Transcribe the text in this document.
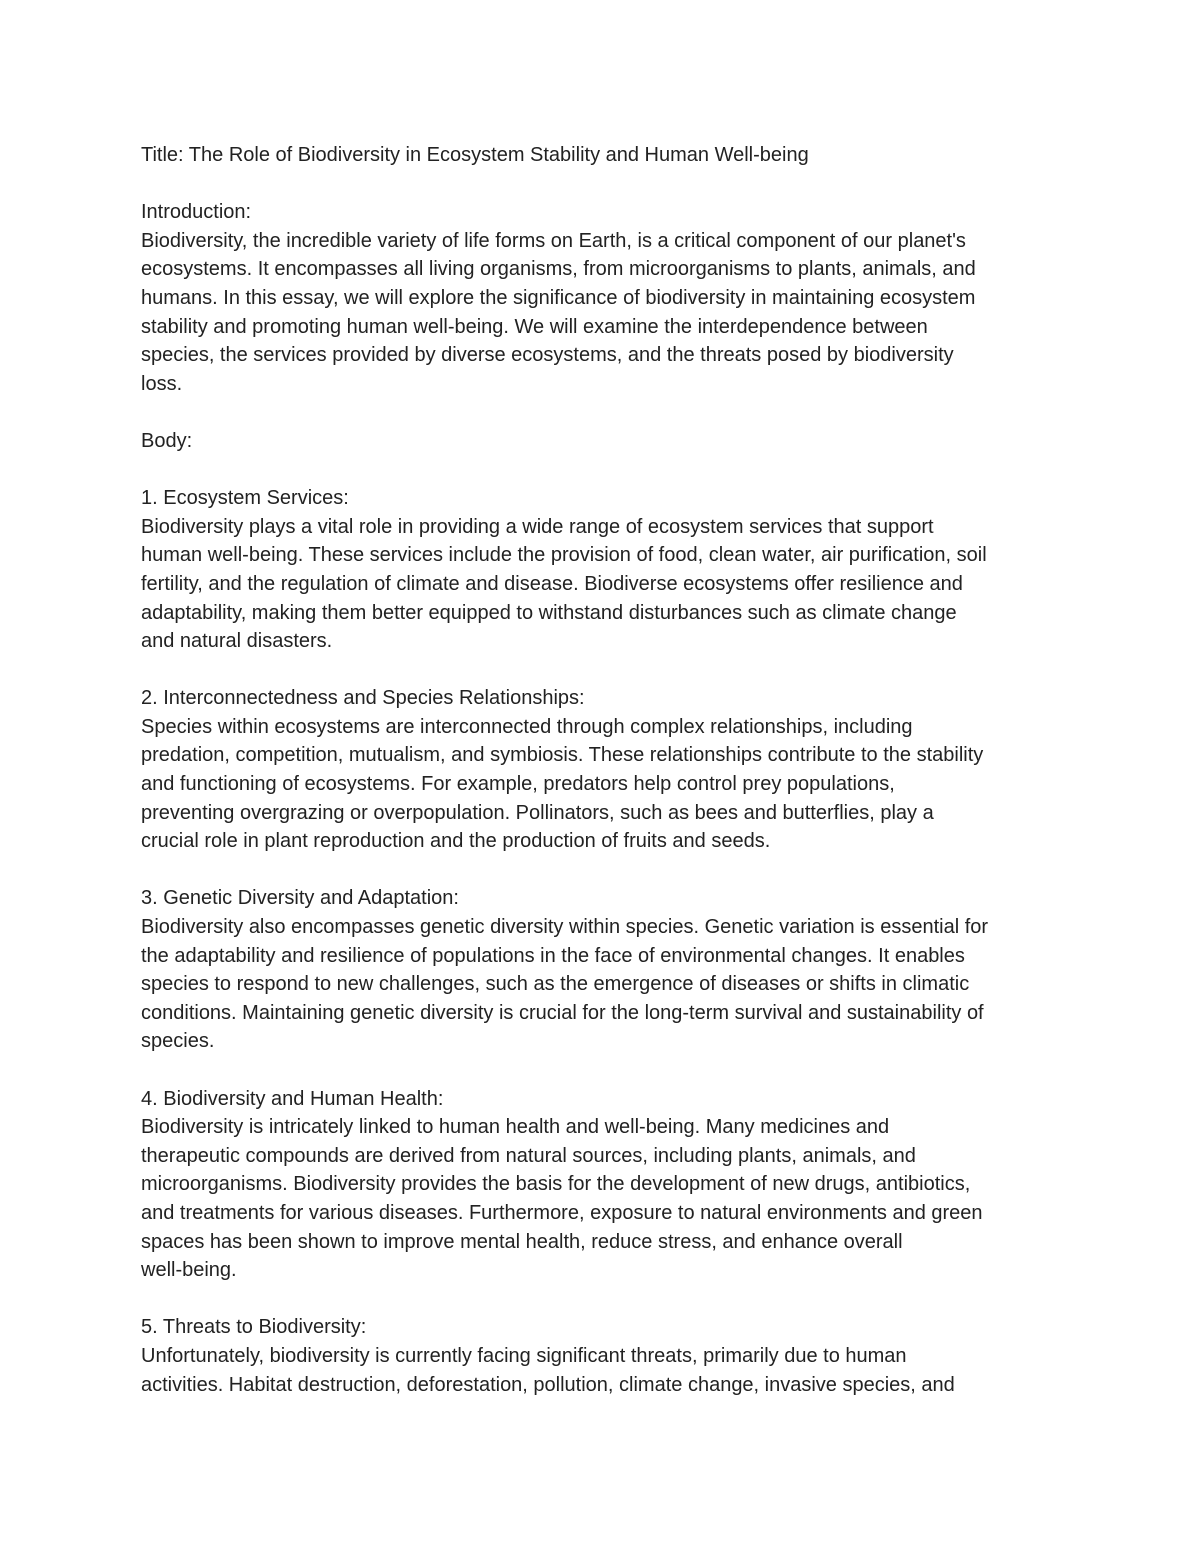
Title: The Role of Biodiversity in Ecosystem Stability and Human Well-being

Introduction:

Biodiversity, the incredible variety of life forms on Earth, is a critical component of our planet's
ecosystems. It encompasses all living organisms, from microorganisms to plants, animals, and
humans. In this essay, we will explore the significance of biodiversity in maintaining ecosystem
stability and promoting human well-being. We will examine the interdependence between
species, the services provided by diverse ecosystems, and the threats posed by biodiversity
loss.

Body:

1. Ecosystem Services:

Biodiversity plays a vital role in providing a wide range of ecosystem services that support
human well-being. These services include the provision of food, clean water, air purification, soil
fertility, and the regulation of climate and disease. Biodiverse ecosystems offer resilience and
adaptability, making them better equipped to withstand disturbances such as climate change
and natural disasters.

2. Interconnectedness and Species Relationships:

Species within ecosystems are interconnected through complex relationships, including
predation, competition, mutualism, and symbiosis. These relationships contribute to the stability
and functioning of ecosystems. For example, predators help control prey populations,
preventing overgrazing or overpopulation. Pollinators, such as bees and butterflies, play a
crucial role in plant reproduction and the production of fruits and seeds.

3. Genetic Diversity and Adaptation:

Biodiversity also encompasses genetic diversity within species. Genetic variation is essential for
the adaptability and resilience of populations in the face of environmental changes. It enables
species to respond to new challenges, such as the emergence of diseases or shifts in climatic
conditions. Maintaining genetic diversity is crucial for the long-term survival and sustainability of
species.

4. Biodiversity and Human Health:

Biodiversity is intricately linked to human health and well-being. Many medicines and
therapeutic compounds are derived from natural sources, including plants, animals, and
microorganisms. Biodiversity provides the basis for the development of new drugs, antibiotics,
and treatments for various diseases. Furthermore, exposure to natural environments and green
spaces has been shown to improve mental health, reduce stress, and enhance overall
well-being.

5. Threats to Biodiversity:

Unfortunately, biodiversity is currently facing significant threats, primarily due to human
activities. Habitat destruction, deforestation, pollution, climate change, invasive species, and
